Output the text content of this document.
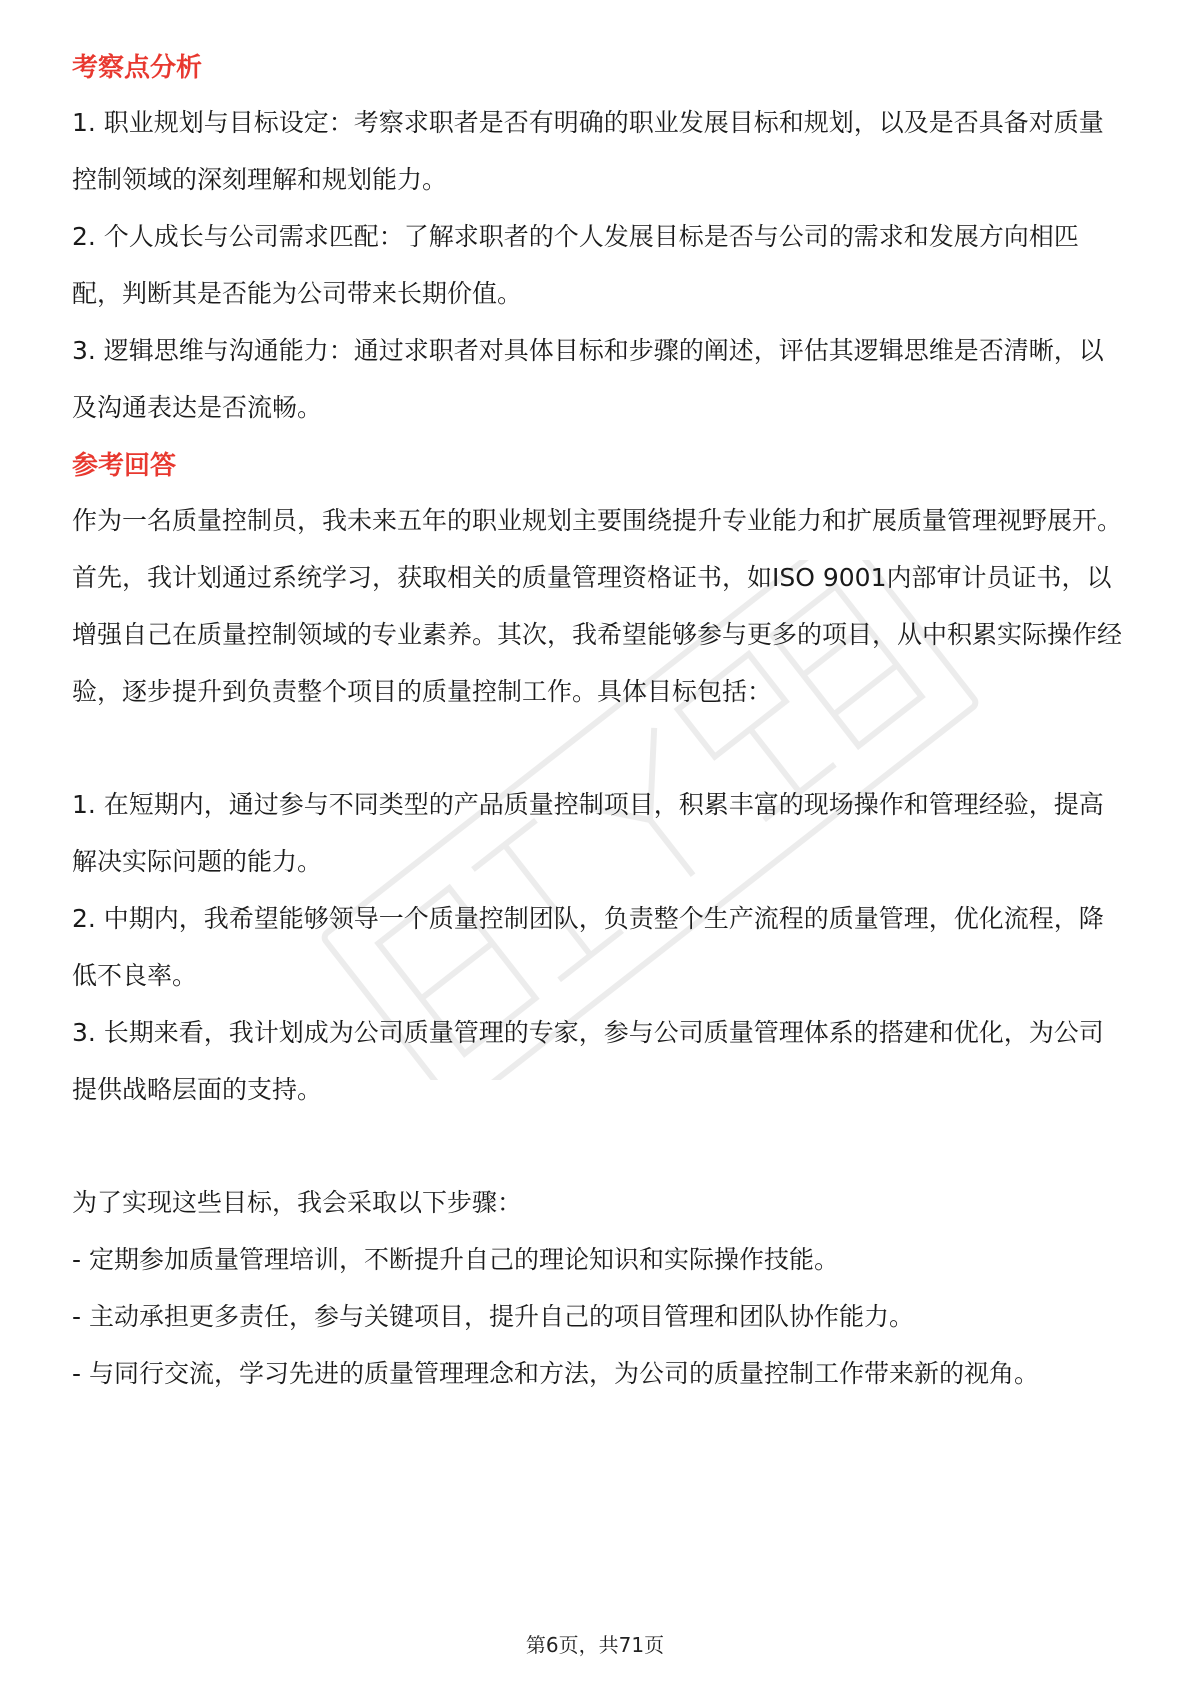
考察点分析

1. 职业规划与目标设定：考察求职者是否有明确的职业发展目标和规划，以及是否具备对质量控制领域的深刻理解和规划能力。

2. 个人成长与公司需求匹配：了解求职者的个人发展目标是否与公司的需求和发展方向相匹配，判断其是否能为公司带来长期价值。

3. 逻辑思维与沟通能力：通过求职者对具体目标和步骤的阐述，评估其逻辑思维是否清晰，以及沟通表达是否流畅。

参考回答

作为一名质量控制员，我未来五年的职业规划主要围绕提升专业能力和扩展质量管理视野展开。首先，我计划通过系统学习，获取相关的质量管理资格证书，如ISO 9001内部审计员证书，以增强自己在质量控制领域的专业素养。其次，我希望能够参与更多的项目，从中积累实际操作经验，逐步提升到负责整个项目的质量控制工作。具体目标包括：

1. 在短期内，通过参与不同类型的产品质量控制项目，积累丰富的现场操作和管理经验，提高解决实际问题的能力。

2. 中期内，我希望能够领导一个质量控制团队，负责整个生产流程的质量管理，优化流程，降低不良率。

3. 长期来看，我计划成为公司质量管理的专家，参与公司质量管理体系的搭建和优化，为公司提供战略层面的支持。

为了实现这些目标，我会采取以下步骤：

- 定期参加质量管理培训，不断提升自己的理论知识和实际操作技能。

- 主动承担更多责任，参与关键项目，提升自己的项目管理和团队协作能力。

- 与同行交流，学习先进的质量管理理念和方法，为公司的质量控制工作带来新的视角。

第6页，共71页
